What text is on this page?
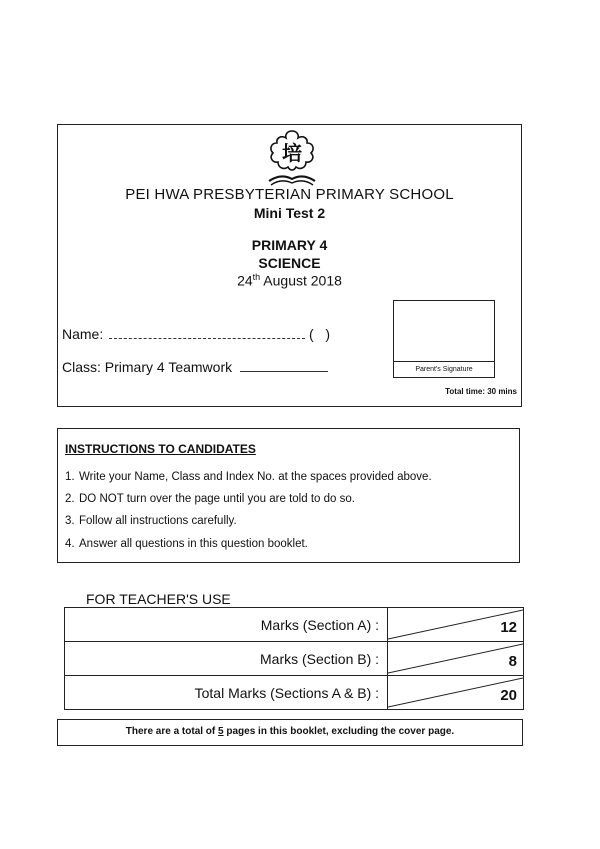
培
PEI HWA PRESBYTERIAN PRIMARY SCHOOL
Mini Test 2
PRIMARY 4
SCIENCE
24th August 2018
Name:	(   )
Class: Primary 4 Teamwork	Parent's Signature
Total time: 30 mins
INSTRUCTIONS TO CANDIDATES
1. Write your Name, Class and Index No. at the spaces provided above.
2. DO NOT turn over the page until you are told to do so.
3. Follow all instructions carefully.
4. Answer all questions in this question booklet.
FOR TEACHER'S USE
Marks (Section A) :	12

Marks (Section B) :	8

Total Marks (Sections A & B) :	20
There are a total of 5 pages in this booklet, excluding the cover page.
